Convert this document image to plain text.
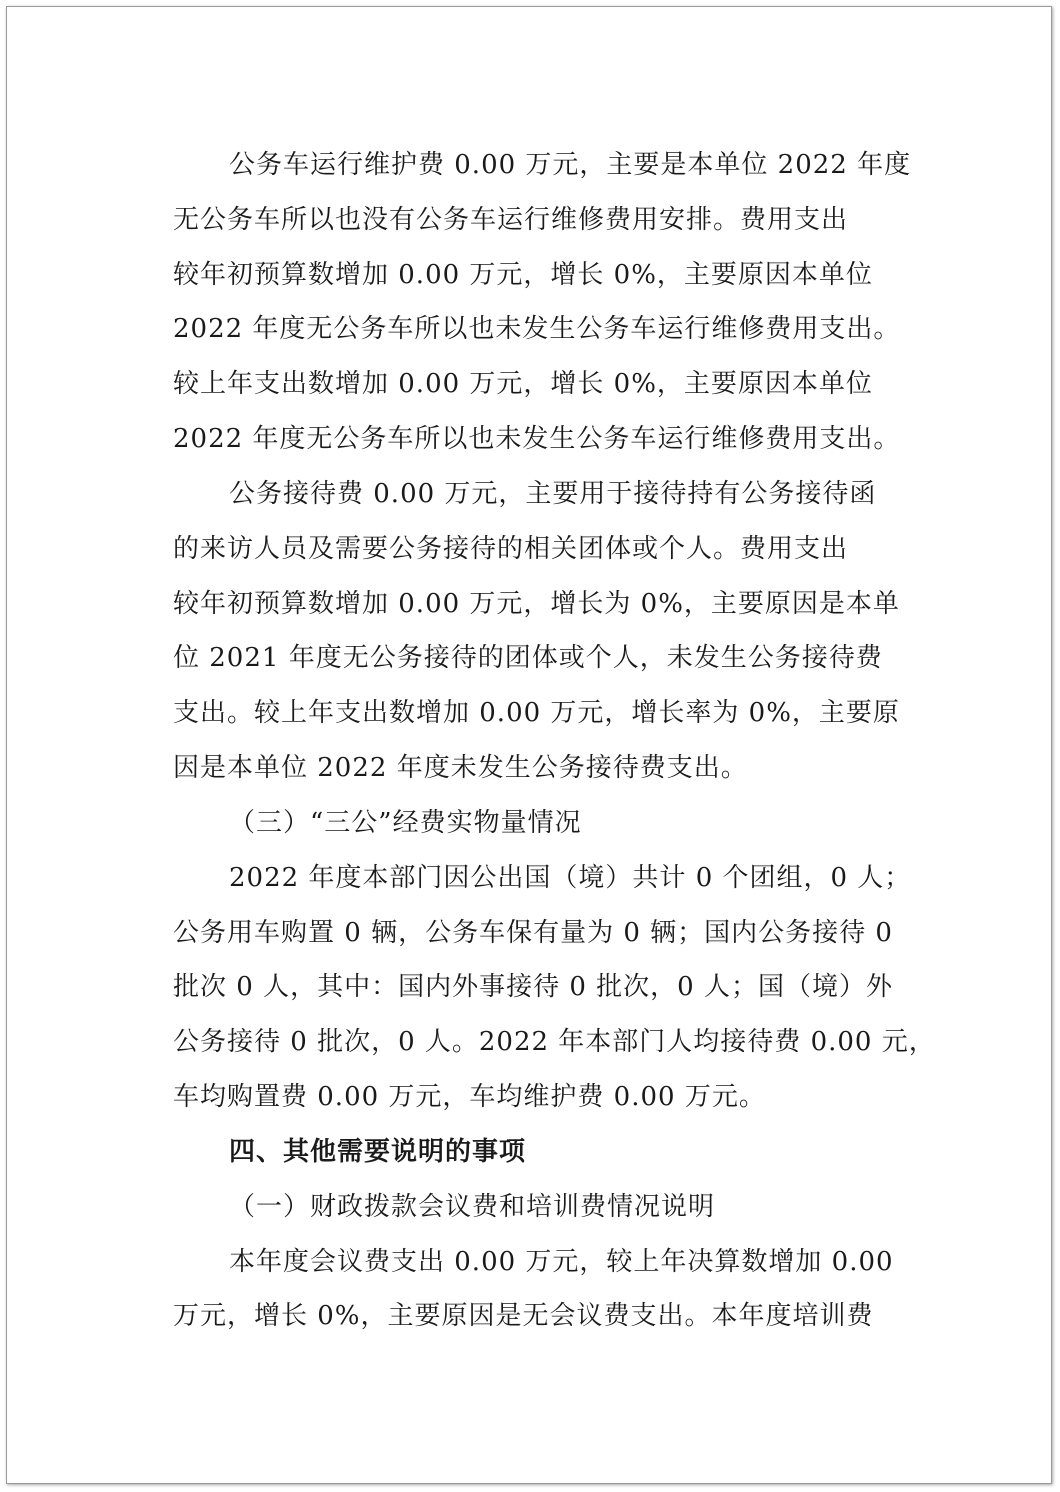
公务车运行维护费 0.00 万元，主要是本单位 2022 年度

无公务车所以也没有公务车运行维修费用安排。费用支出

较年初预算数增加 0.00 万元，增长 0%，主要原因本单位

2022 年度无公务车所以也未发生公务车运行维修费用支出。

较上年支出数增加 0.00 万元，增长 0%，主要原因本单位

2022 年度无公务车所以也未发生公务车运行维修费用支出。

公务接待费 0.00 万元，主要用于接待持有公务接待函

的来访人员及需要公务接待的相关团体或个人。费用支出

较年初预算数增加 0.00 万元，增长为 0%，主要原因是本单

位 2021 年度无公务接待的团体或个人，未发生公务接待费

支出。较上年支出数增加 0.00 万元，增长率为 0%，主要原

因是本单位 2022 年度未发生公务接待费支出。

（三）“三公”经费实物量情况

2022 年度本部门因公出国（境）共计 0 个团组，0 人；

公务用车购置 0 辆，公务车保有量为 0 辆；国内公务接待 0

批次 0 人，其中：国内外事接待 0 批次，0 人；国（境）外

公务接待 0 批次，0 人。2022 年本部门人均接待费 0.00 元，

车均购置费 0.00 万元，车均维护费 0.00 万元。

四、其他需要说明的事项

（一）财政拨款会议费和培训费情况说明

本年度会议费支出 0.00 万元，较上年决算数增加 0.00

万元，增长 0%，主要原因是无会议费支出。本年度培训费
